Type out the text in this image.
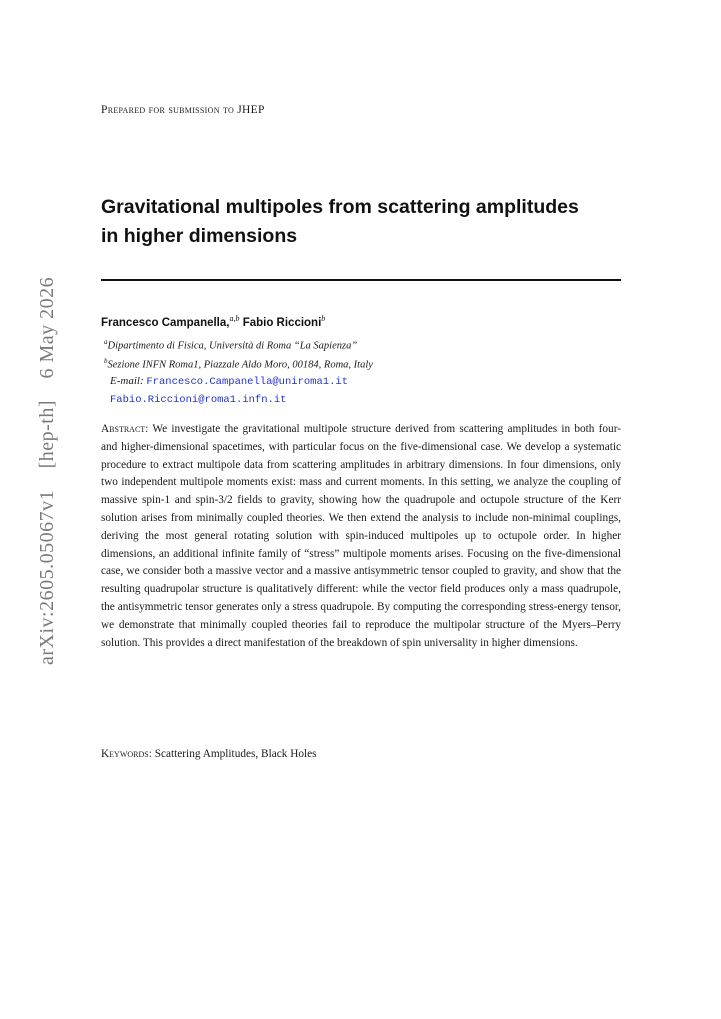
arXiv:2605.05067v1 [hep-th] 6 May 2026
Prepared for submission to JHEP
Gravitational multipoles from scattering amplitudes
in higher dimensions
Francesco Campanella,$^{a,b}$ Fabio Riccioni$^b$
$^a$Dipartimento di Fisica, Università di Roma “La Sapienza”
$^b$Sezione INFN Roma1, Piazzale Aldo Moro, 00184, Roma, Italy
E-mail: Francesco.Campanella@uniroma1.it
Fabio.Riccioni@roma1.infn.it
Abstract: We investigate the gravitational multipole structure derived from scattering amplitudes in both four- and higher-dimensional spacetimes, with particular focus on the five-dimensional case. We develop a systematic procedure to extract multipole data from scattering amplitudes in arbitrary dimensions. In four dimensions, only two independent multipole moments exist: mass and current moments. In this setting, we analyze the coupling of massive spin-1 and spin-3/2 fields to gravity, showing how the quadrupole and octupole structure of the Kerr solution arises from minimally coupled theories. We then extend the analysis to include non-minimal couplings, deriving the most general rotating solution with spin-induced multipoles up to octupole order. In higher dimensions, an additional infinite family of “stress” multipole moments arises. Focusing on the five-dimensional case, we consider both a massive vector and a massive antisymmetric tensor coupled to gravity, and show that the resulting quadrupolar structure is qualitatively different: while the vector field produces only a mass quadrupole, the antisymmetric tensor generates only a stress quadrupole. By computing the corresponding stress-energy tensor, we demonstrate that minimally coupled theories fail to reproduce the multipolar structure of the Myers–Perry solution. This provides a direct manifestation of the breakdown of spin universality in higher dimensions.
Keywords: Scattering Amplitudes, Black Holes
